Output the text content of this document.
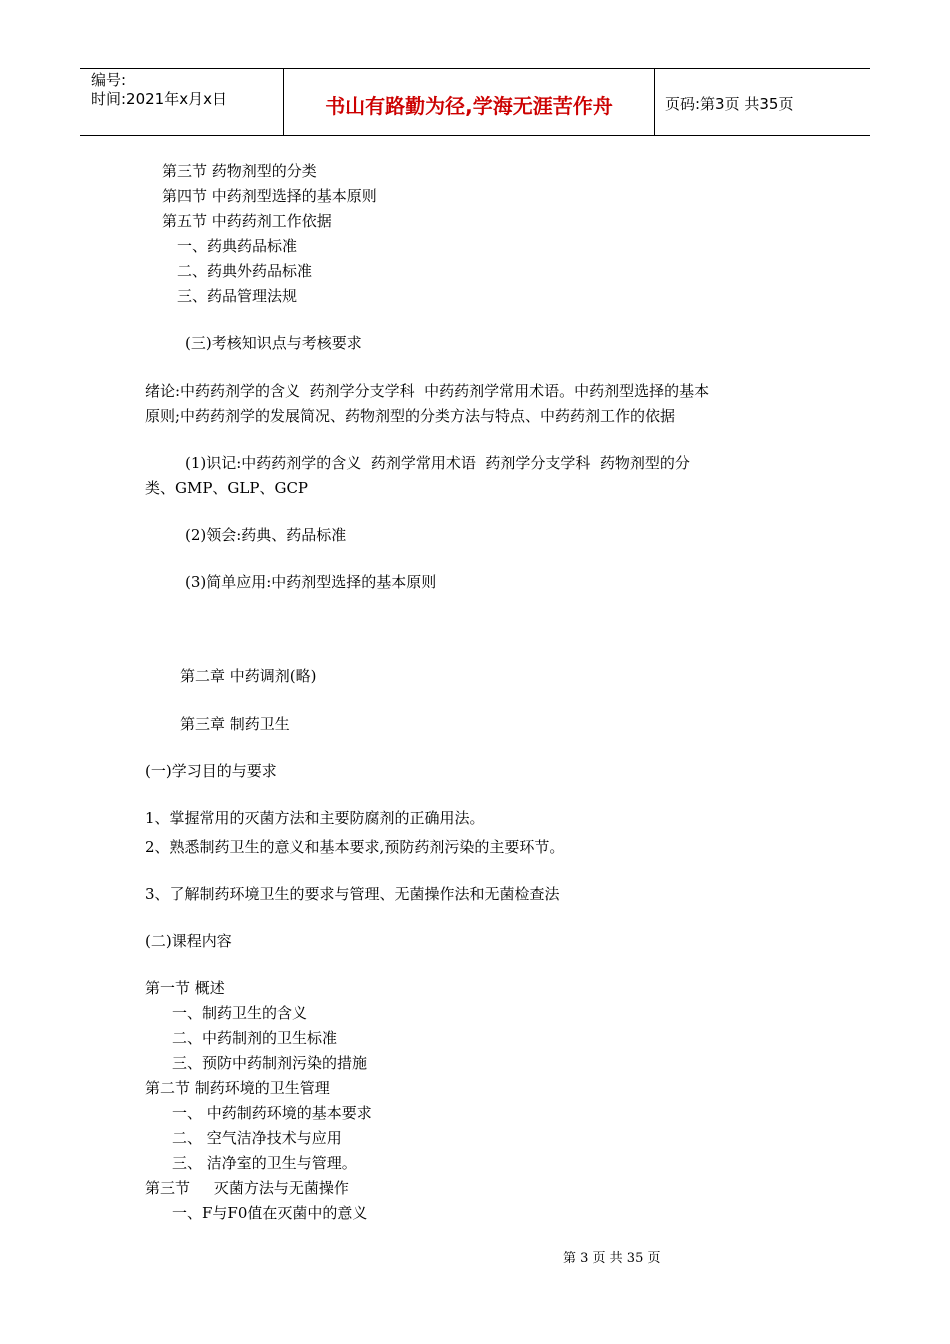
编号:
时间:2021年x月x日	书山有路勤为径,学海无涯苦作舟	页码:第3页 共35页
第三节 药物剂型的分类
第四节 中药剂型选择的基本原则
第五节 中药药剂工作依据
一、药典药品标准
二、药典外药品标准
三、药品管理法规
(三)考核知识点与考核要求
绪论:中药药剂学的含义  药剂学分支学科  中药药剂学常用术语。中药剂型选择的基本
原则;中药药剂学的发展简况、药物剂型的分类方法与特点、中药药剂工作的依据
(1)识记:中药药剂学的含义  药剂学常用术语  药剂学分支学科  药物剂型的分
类、GMP、GLP、GCP
(2)领会:药典、药品标准
(3)简单应用:中药剂型选择的基本原则
第二章 中药调剂(略)
第三章 制药卫生
(一)学习目的与要求
1、掌握常用的灭菌方法和主要防腐剂的正确用法。
2、熟悉制药卫生的意义和基本要求,预防药剂污染的主要环节。
3、了解制药环境卫生的要求与管理、无菌操作法和无菌检查法
(二)课程内容
第一节 概述
一、制药卫生的含义
二、中药制剂的卫生标准
三、预防中药制剂污染的措施
第二节 制药环境的卫生管理
一、 中药制药环境的基本要求
二、 空气洁净技术与应用
三、 洁净室的卫生与管理。
第三节     灭菌方法与无菌操作
一、F与F0值在灭菌中的意义
第 3 页 共 35 页
